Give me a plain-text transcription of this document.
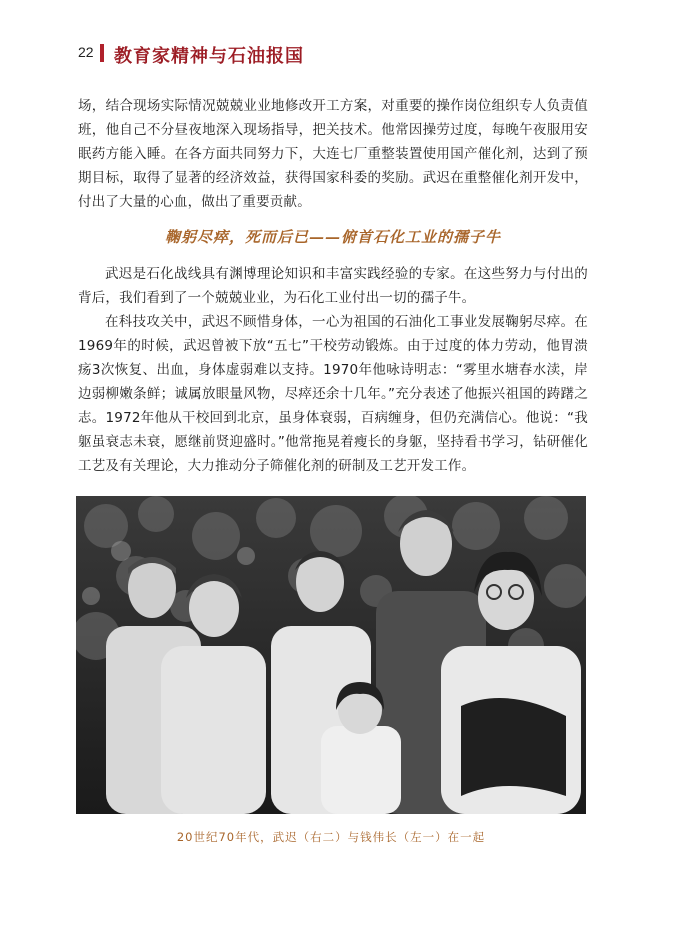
22 教育家精神与石油报国

场，结合现场实际情况兢兢业业地修改开工方案，对重要的操作岗位组织专人负责值班，他自己不分昼夜地深入现场指导，把关技术。他常因操劳过度，每晚午夜服用安眠药方能入睡。在各方面共同努力下，大连七厂重整装置使用国产催化剂，达到了预期目标，取得了显著的经济效益，获得国家科委的奖励。武迟在重整催化剂开发中，付出了大量的心血，做出了重要贡献。

鞠躬尽瘁，死而后已——俯首石化工业的孺子牛

武迟是石化战线具有渊博理论知识和丰富实践经验的专家。在这些努力与付出的背后，我们看到了一个兢兢业业，为石化工业付出一切的孺子牛。

在科技攻关中，武迟不顾惜身体，一心为祖国的石油化工事业发展鞠躬尽瘁。在1969年的时候，武迟曾被下放“五七”干校劳动锻炼。由于过度的体力劳动，他胃溃疡3次恢复、出血，身体虚弱难以支持。1970年他咏诗明志：“雾里水塘春水渎，岸边弱柳嫩条鲜；诚属放眼量风物，尽瘁还余十几年。”充分表述了他振兴祖国的踌躇之志。1972年他从干校回到北京，虽身体衰弱，百病缠身，但仍充满信心。他说：“我躯虽衰志未衰，愿继前贤迎盛时。”他常拖晃着瘦长的身躯，坚持看书学习，钻研催化工艺及有关理论，大力推动分子筛催化剂的研制及工艺开发工作。

20世纪70年代，武迟（右二）与钱伟长（左一）在一起
